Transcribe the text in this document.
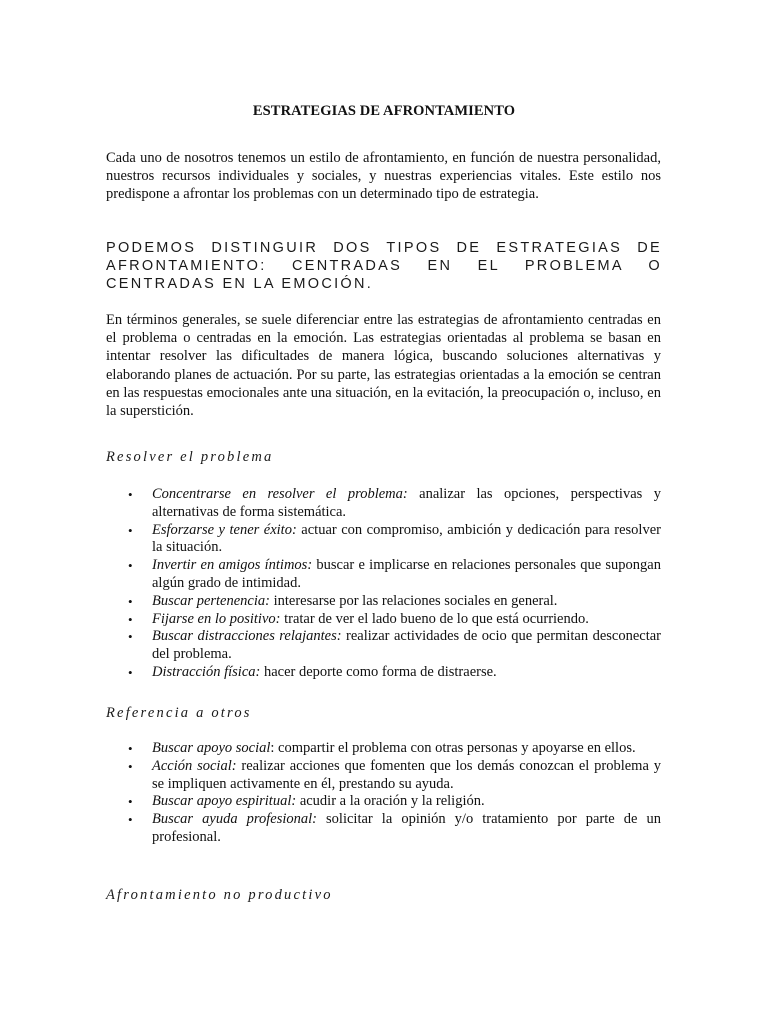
ESTRATEGIAS DE AFRONTAMIENTO
Cada uno de nosotros tenemos un estilo de afrontamiento, en función de nuestra personalidad, nuestros recursos individuales y sociales, y nuestras experiencias vitales. Este estilo nos predispone a afrontar los problemas con un determinado tipo de estrategia.
PODEMOS DISTINGUIR DOS TIPOS DE ESTRATEGIAS DE AFRONTAMIENTO: CENTRADAS EN EL PROBLEMA O CENTRADAS EN LA EMOCIÓN.
En términos generales, se suele diferenciar entre las estrategias de afrontamiento centradas en el problema o centradas en la emoción. Las estrategias orientadas al problema se basan en intentar resolver las dificultades de manera lógica, buscando soluciones alternativas y elaborando planes de actuación. Por su parte, las estrategias orientadas a la emoción se centran en las respuestas emocionales ante una situación, en la evitación, la preocupación o, incluso, en la superstición.
Resolver el problema
• Concentrarse en resolver el problema: analizar las opciones, perspectivas y alternativas de forma sistemática.
• Esforzarse y tener éxito: actuar con compromiso, ambición y dedicación para resolver la situación.
• Invertir en amigos íntimos: buscar e implicarse en relaciones personales que supongan algún grado de intimidad.
• Buscar pertenencia: interesarse por las relaciones sociales en general.
• Fijarse en lo positivo: tratar de ver el lado bueno de lo que está ocurriendo.
• Buscar distracciones relajantes: realizar actividades de ocio que permitan desconectar del problema.
• Distracción física: hacer deporte como forma de distraerse.
Referencia a otros
• Buscar apoyo social: compartir el problema con otras personas y apoyarse en ellos.
• Acción social: realizar acciones que fomenten que los demás conozcan el problema y se impliquen activamente en él, prestando su ayuda.
• Buscar apoyo espiritual: acudir a la oración y la religión.
• Buscar ayuda profesional: solicitar la opinión y/o tratamiento por parte de un profesional.
Afrontamiento no productivo
